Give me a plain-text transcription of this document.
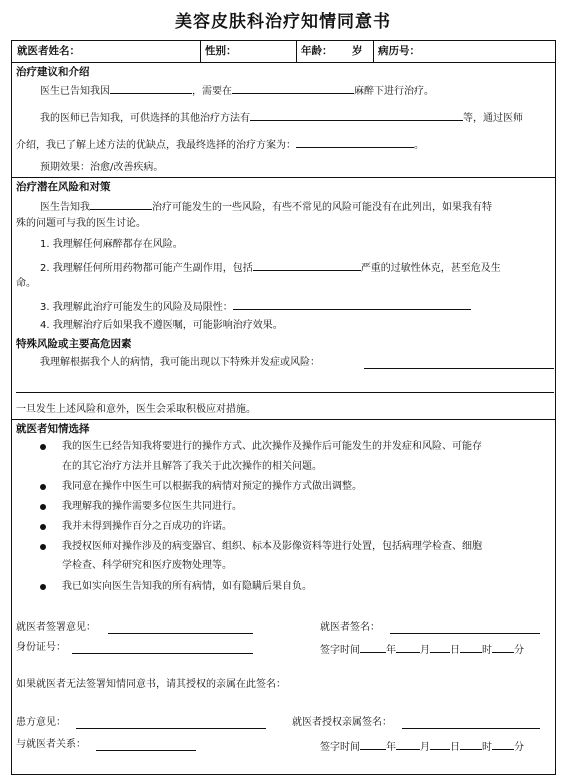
美容皮肤科治疗知情同意书
就医者姓名：	性别：	年龄： 岁	病历号：
治疗建议和介绍
医生已告知我因	，需要在	麻醉下进行治疗。
我的医师已告知我，可供选择的其他治疗方法有	等，通过医师
介绍，我已了解上述方法的优缺点，我最终选择的治疗方案为：	。
预期效果：治愈/改善疾病。
治疗潜在风险和对策
医生告知我	治疗可能发生的一些风险，有些不常见的风险可能没有在此列出，如果我有特
殊的问题可与我的医生讨论。
1. 我理解任何麻醉都存在风险。
2. 我理解任何所用药物都可能产生副作用，包括	严重的过敏性休克，甚至危及生
命。
3. 我理解此治疗可能发生的风险及局限性：
4. 我理解治疗后如果我不遵医嘱，可能影响治疗效果。
特殊风险或主要高危因素
我理解根据我个人的病情，我可能出现以下特殊并发症或风险：
一旦发生上述风险和意外，医生会采取积极应对措施。
就医者知情选择
我的医生已经告知我将要进行的操作方式、此次操作及操作后可能发生的并发症和风险、可能存
在的其它治疗方法并且解答了我关于此次操作的相关问题。
我同意在操作中医生可以根据我的病情对预定的操作方式做出调整。
我理解我的操作需要多位医生共同进行。
我并未得到操作百分之百成功的许诺。
我授权医师对操作涉及的病变器官、组织、标本及影像资料等进行处置，包括病理学检查、细胞
学检查、科学研究和医疗废物处理等。
我已如实向医生告知我的所有病情，如有隐瞒后果自负。
就医者签署意见：	就医者签名：
身份证号：	签字时间	年 月 日 时 分
如果就医者无法签署知情同意书，请其授权的亲属在此签名：
患方意见：	就医者授权亲属签名：
与就医者关系：	签字时间	年 月 日 时 分
